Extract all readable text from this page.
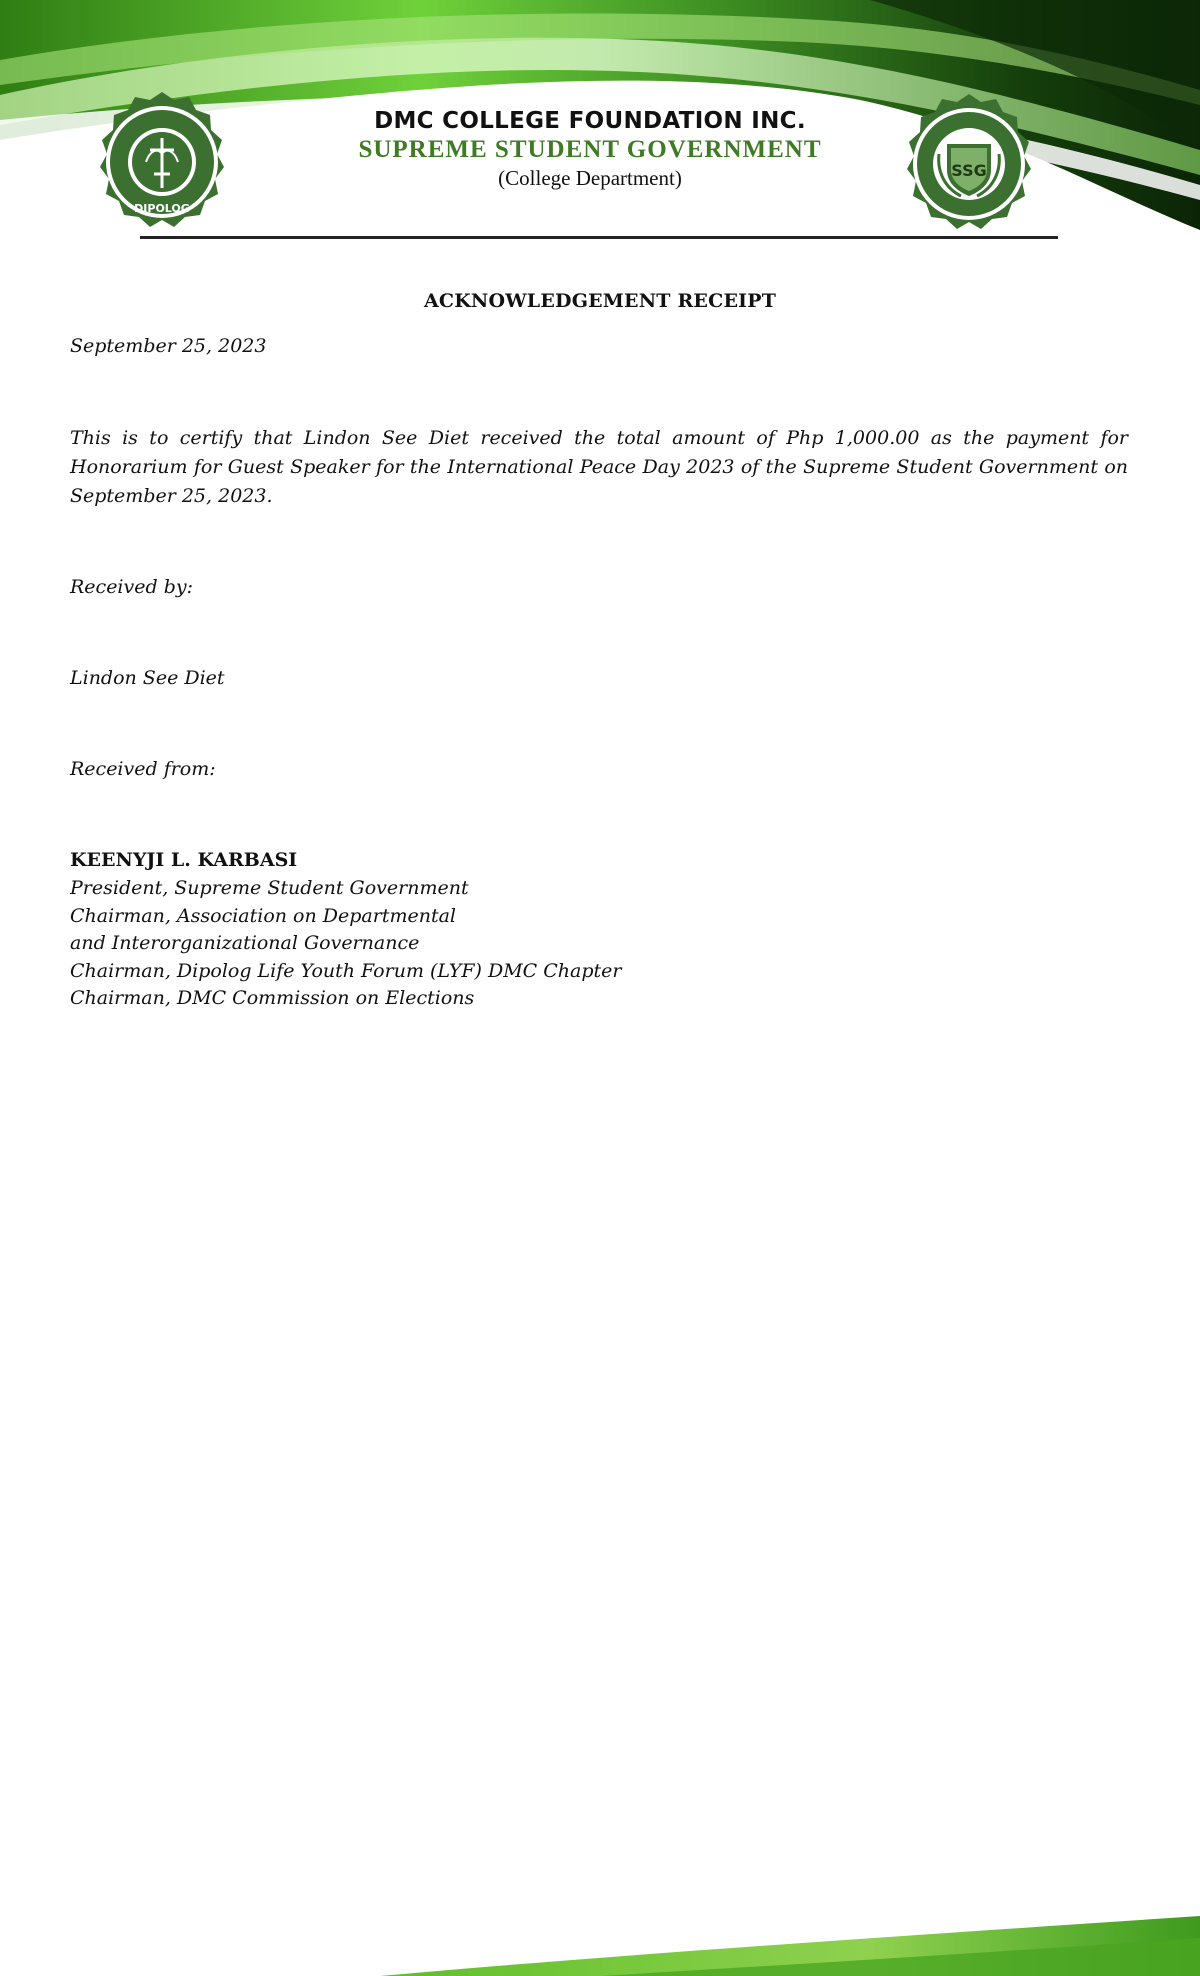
DIPOLOG
SSG
DMC COLLEGE FOUNDATION INC.
SUPREME STUDENT GOVERNMENT
(College Department)
ACKNOWLEDGEMENT RECEIPT
September 25, 2023
This is to certify that Lindon See Diet received the total amount of Php 1,000.00 as the payment for Honorarium for Guest Speaker for the International Peace Day 2023 of the Supreme Student Government on September 25, 2023.
Received by:
Lindon See Diet
Received from:
KEENYJI L. KARBASI
President, Supreme Student Government
Chairman, Association on Departmental
and Interorganizational Governance
Chairman, Dipolog Life Youth Forum (LYF) DMC Chapter
Chairman, DMC Commission on Elections
